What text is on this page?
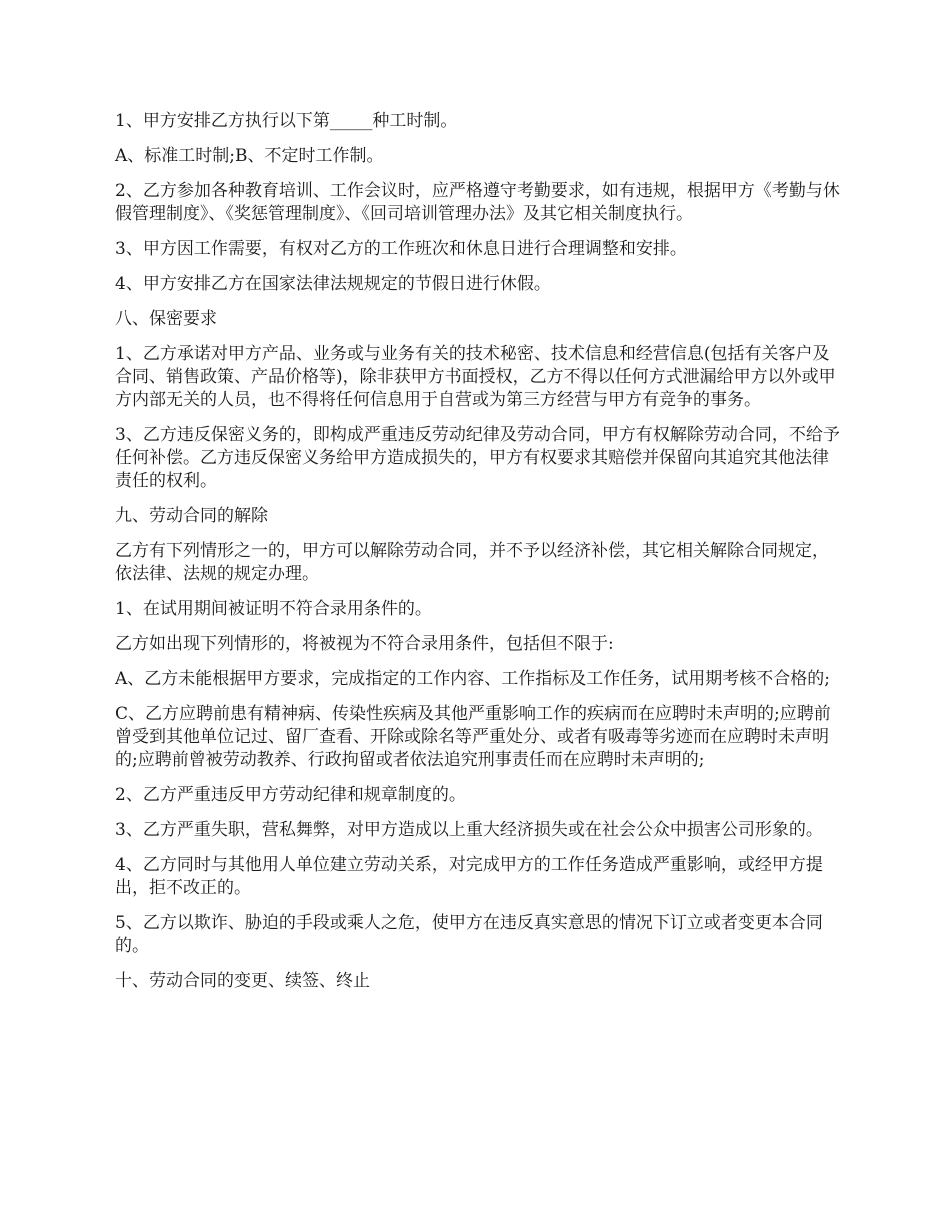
1、甲方安排乙方执行以下第_____种工时制。

A、标准工时制;B、不定时工作制。

2、乙方参加各种教育培训、工作会议时，应严格遵守考勤要求，如有违规，根据甲方《考勤与休假管理制度》、《奖惩管理制度》、《回司培训管理办法》及其它相关制度执行。

3、甲方因工作需要，有权对乙方的工作班次和休息日进行合理调整和安排。

4、甲方安排乙方在国家法律法规规定的节假日进行休假。

八、保密要求

1、乙方承诺对甲方产品、业务或与业务有关的技术秘密、技术信息和经营信息(包括有关客户及合同、销售政策、产品价格等)，除非获甲方书面授权，乙方不得以任何方式泄漏给甲方以外或甲方内部无关的人员，也不得将任何信息用于自营或为第三方经营与甲方有竞争的事务。

3、乙方违反保密义务的，即构成严重违反劳动纪律及劳动合同，甲方有权解除劳动合同，不给予任何补偿。乙方违反保密义务给甲方造成损失的，甲方有权要求其赔偿并保留向其追究其他法律责任的权利。

九、劳动合同的解除

乙方有下列情形之一的，甲方可以解除劳动合同，并不予以经济补偿，其它相关解除合同规定，依法律、法规的规定办理。

1、在试用期间被证明不符合录用条件的。

乙方如出现下列情形的，将被视为不符合录用条件，包括但不限于:

A、乙方未能根据甲方要求，完成指定的工作内容、工作指标及工作任务，试用期考核不合格的;

C、乙方应聘前患有精神病、传染性疾病及其他严重影响工作的疾病而在应聘时未声明的;应聘前曾受到其他单位记过、留厂查看、开除或除名等严重处分、或者有吸毒等劣迹而在应聘时未声明的;应聘前曾被劳动教养、行政拘留或者依法追究刑事责任而在应聘时未声明的;

2、乙方严重违反甲方劳动纪律和规章制度的。

3、乙方严重失职，营私舞弊，对甲方造成以上重大经济损失或在社会公众中损害公司形象的。

4、乙方同时与其他用人单位建立劳动关系，对完成甲方的工作任务造成严重影响，或经甲方提出，拒不改正的。

5、乙方以欺诈、胁迫的手段或乘人之危，使甲方在违反真实意思的情况下订立或者变更本合同的。

十、劳动合同的变更、续签、终止
